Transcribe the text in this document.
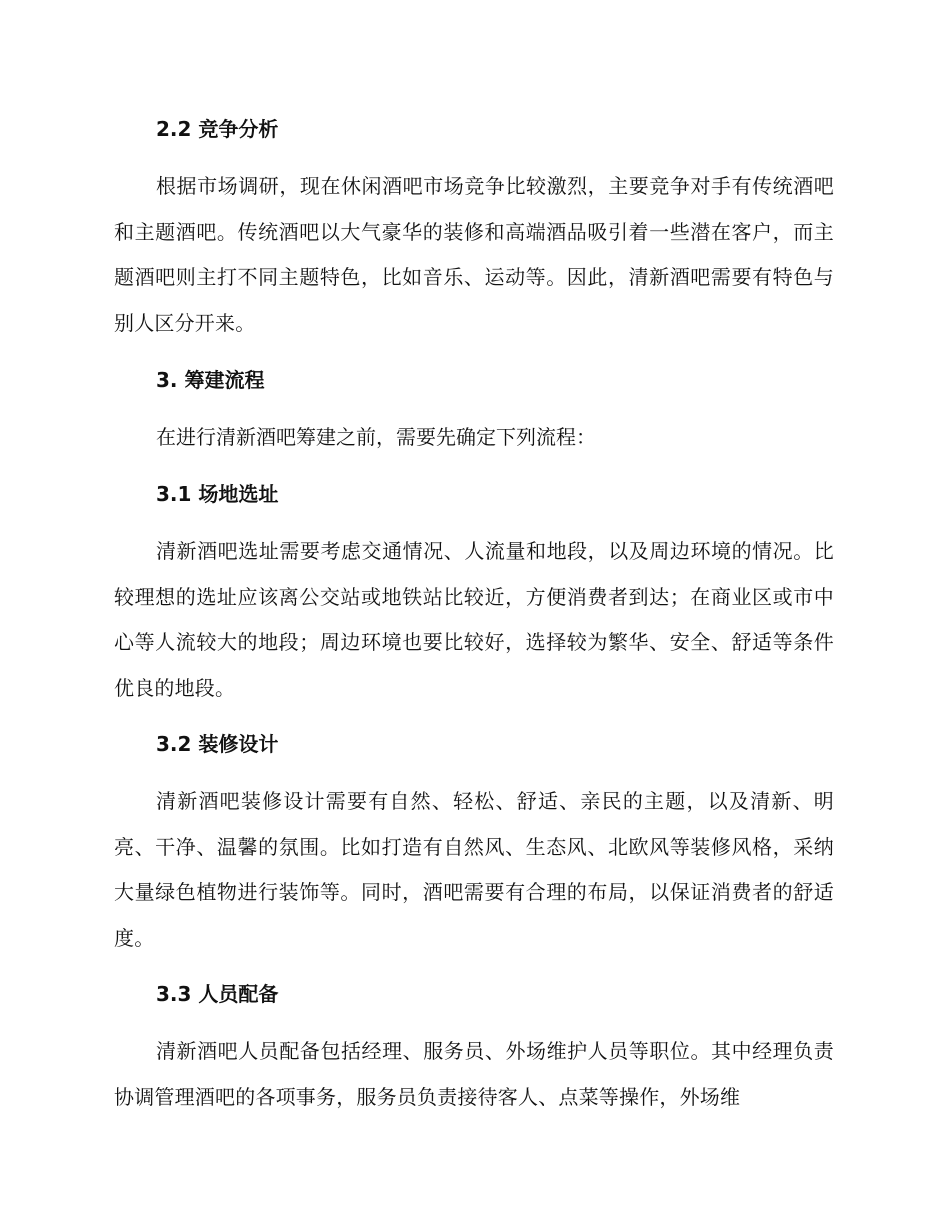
2.2 竞争分析
根据市场调研，现在休闲酒吧市场竞争比较激烈，主要竞争对手有传统酒吧和主题酒吧。传统酒吧以大气豪华的装修和高端酒品吸引着一些潜在客户，而主题酒吧则主打不同主题特色，比如音乐、运动等。因此，清新酒吧需要有特色与别人区分开来。
3. 筹建流程
在进行清新酒吧筹建之前，需要先确定下列流程：
3.1 场地选址
清新酒吧选址需要考虑交通情况、人流量和地段，以及周边环境的情况。比较理想的选址应该离公交站或地铁站比较近，方便消费者到达；在商业区或市中心等人流较大的地段；周边环境也要比较好，选择较为繁华、安全、舒适等条件优良的地段。
3.2 装修设计
清新酒吧装修设计需要有自然、轻松、舒适、亲民的主题，以及清新、明亮、干净、温馨的氛围。比如打造有自然风、生态风、北欧风等装修风格，采纳大量绿色植物进行装饰等。同时，酒吧需要有合理的布局，以保证消费者的舒适度。
3.3 人员配备
清新酒吧人员配备包括经理、服务员、外场维护人员等职位。其中经理负责协调管理酒吧的各项事务，服务员负责接待客人、点菜等操作，外场维
